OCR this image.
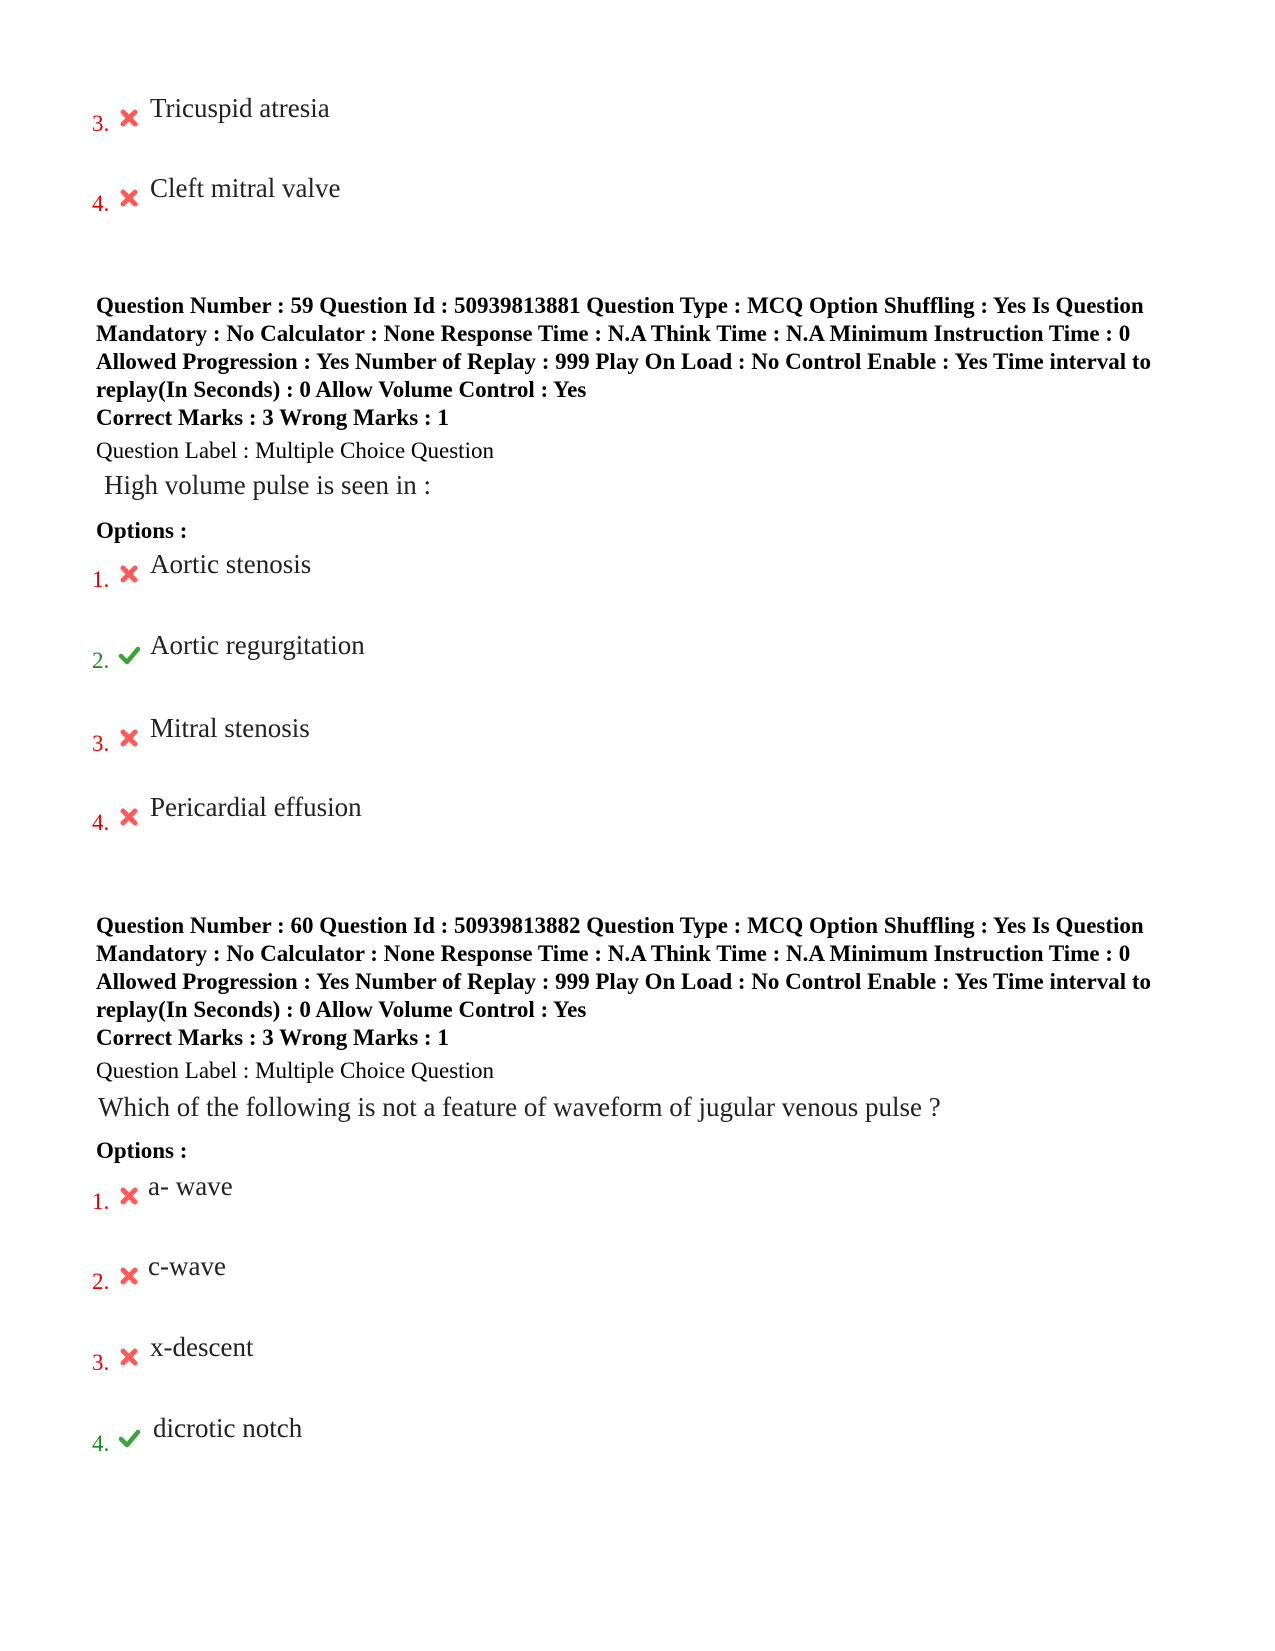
3.
Tricuspid atresia
4.
Cleft mitral valve
Question Number : 59 Question Id : 50939813881 Question Type : MCQ Option Shuffling : Yes Is Question Mandatory : No Calculator : None Response Time : N.A Think Time : N.A Minimum Instruction Time : 0 Allowed Progression : Yes Number of Replay : 999 Play On Load : No Control Enable : Yes Time interval to replay(In Seconds) : 0 Allow Volume Control : Yes
Correct Marks : 3 Wrong Marks : 1
Question Label : Multiple Choice Question
High volume pulse is seen in :
Options :
1.
Aortic stenosis
2.
Aortic regurgitation
3.
Mitral stenosis
4.
Pericardial effusion
Question Number : 60 Question Id : 50939813882 Question Type : MCQ Option Shuffling : Yes Is Question Mandatory : No Calculator : None Response Time : N.A Think Time : N.A Minimum Instruction Time : 0 Allowed Progression : Yes Number of Replay : 999 Play On Load : No Control Enable : Yes Time interval to replay(In Seconds) : 0 Allow Volume Control : Yes
Correct Marks : 3 Wrong Marks : 1
Question Label : Multiple Choice Question
Which of the following is not a feature of waveform of jugular venous pulse ?
Options :
1.
a- wave
2.
c-wave
3.
x-descent
4.
dicrotic notch
